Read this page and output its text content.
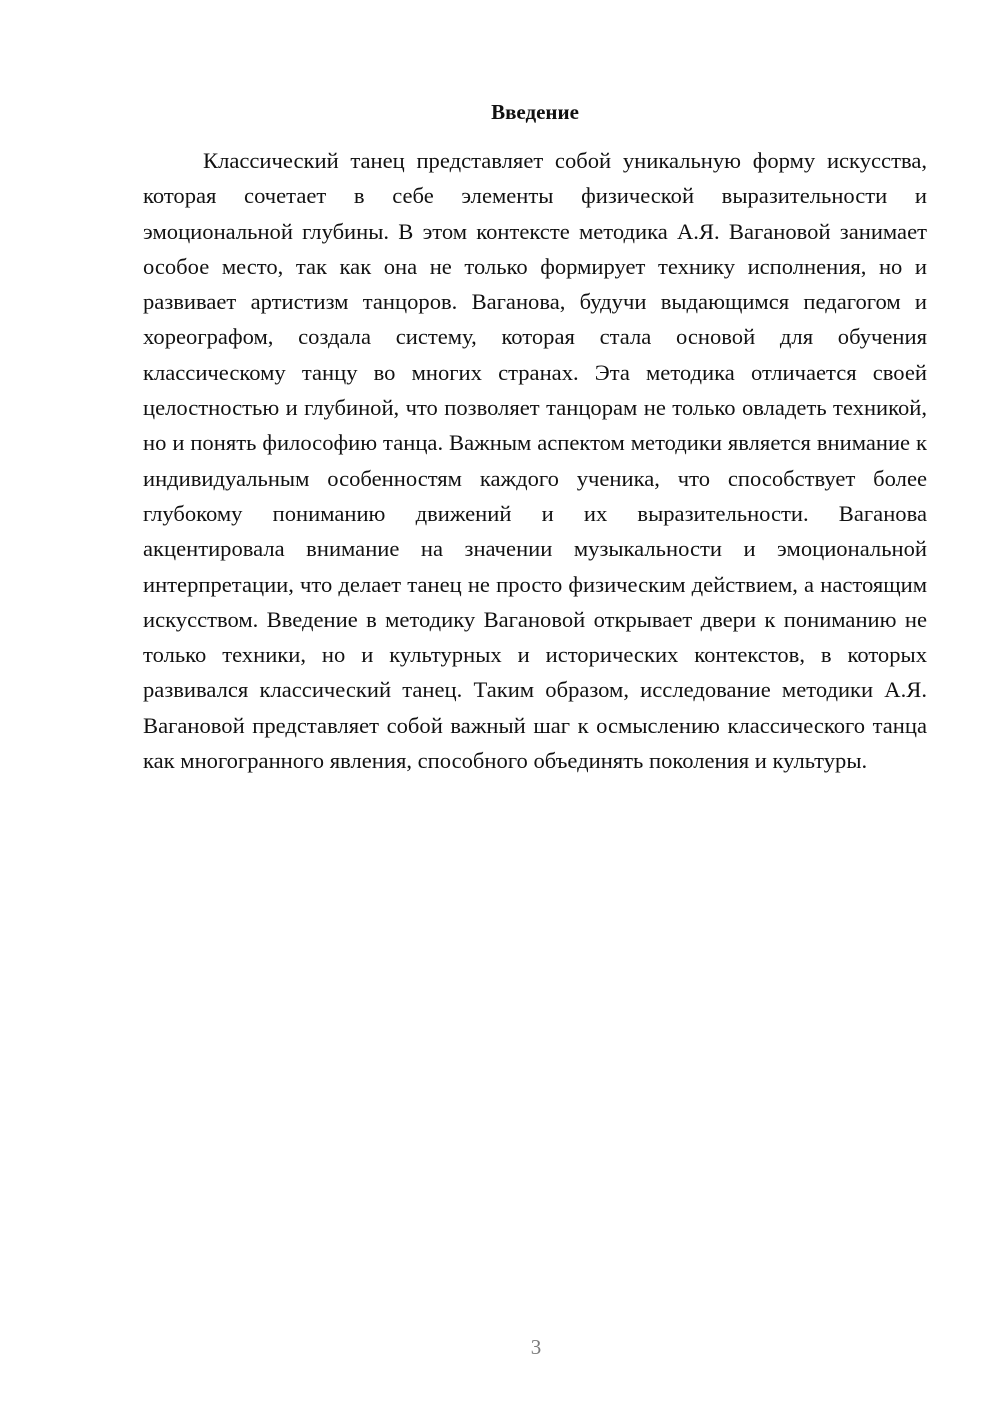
Введение

Классический танец представляет собой уникальную форму искусства, которая сочетает в себе элементы физической выразительности и эмоциональной глубины. В этом контексте методика А.Я. Вагановой занимает особое место, так как она не только формирует технику исполнения, но и развивает артистизм танцоров. Ваганова, будучи выдающимся педагогом и хореографом, создала систему, которая стала основой для обучения классическому танцу во многих странах. Эта методика отличается своей целостностью и глубиной, что позволяет танцорам не только овладеть техникой, но и понять философию танца. Важным аспектом методики является внимание к индивидуальным особенностям каждого ученика, что способствует более глубокому пониманию движений и их выразительности. Ваганова акцентировала внимание на значении музыкальности и эмоциональной интерпретации, что делает танец не просто физическим действием, а настоящим искусством. Введение в методику Вагановой открывает двери к пониманию не только техники, но и культурных и исторических контекстов, в которых развивался классический танец. Таким образом, исследование методики А.Я. Вагановой представляет собой важный шаг к осмыслению классического танца как многогранного явления, способного объединять поколения и культуры.

3
